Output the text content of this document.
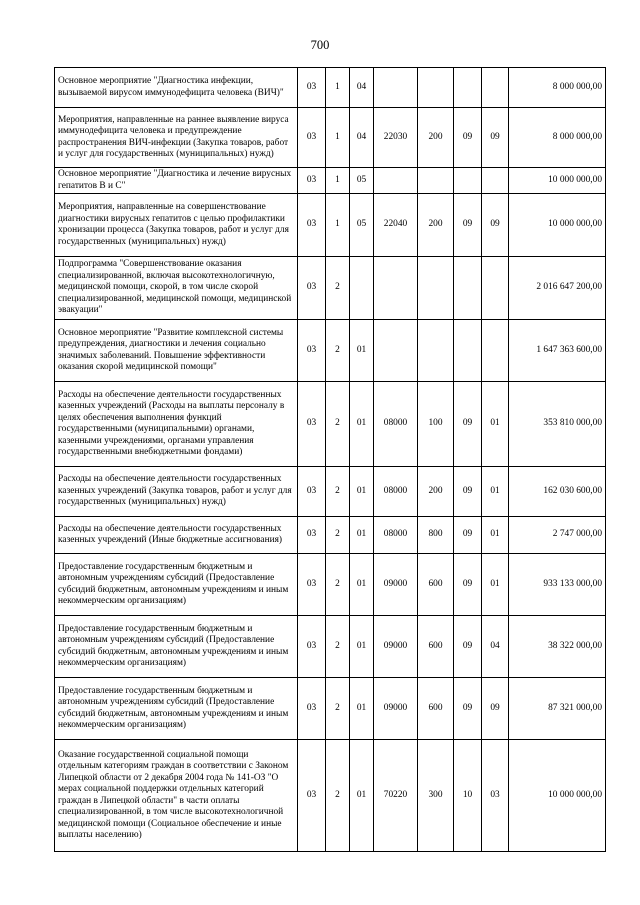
700
Основное мероприятие "Диагностика инфекции, вызываемой вирусом иммунодефицита человека (ВИЧ)"	03	1	04					8 000 000,00
Мероприятия, направленные на раннее выявление вируса иммунодефицита человека и предупреждение распространения ВИЧ-инфекции (Закупка товаров, работ и услуг для государственных (муниципальных) нужд)	03	1	04	22030	200	09	09	8 000 000,00
Основное мероприятие "Диагностика и лечение вирусных гепатитов В и С"	03	1	05					10 000 000,00
Мероприятия, направленные на совершенствование диагностики вирусных гепатитов с целью профилактики хронизации процесса (Закупка товаров, работ и услуг для государственных (муниципальных) нужд)	03	1	05	22040	200	09	09	10 000 000,00
Подпрограмма "Совершенствование оказания специализированной, включая высокотехнологичную, медицинской помощи, скорой, в том числе скорой специализированной, медицинской помощи, медицинской эвакуации"	03	2						2 016 647 200,00
Основное мероприятие "Развитие комплексной системы предупреждения, диагностики и лечения социально значимых заболеваний. Повышение эффективности оказания скорой медицинской помощи"	03	2	01					1 647 363 600,00
Расходы на обеспечение деятельности государственных казенных учреждений (Расходы на выплаты персоналу в целях обеспечения выполнения функций государственными (муниципальными) органами, казенными учреждениями, органами управления государственными внебюджетными фондами)	03	2	01	08000	100	09	01	353 810 000,00
Расходы на обеспечение деятельности государственных казенных учреждений (Закупка товаров, работ и услуг для государственных (муниципальных) нужд)	03	2	01	08000	200	09	01	162 030 600,00
Расходы на обеспечение деятельности государственных казенных учреждений (Иные бюджетные ассигнования)	03	2	01	08000	800	09	01	2 747 000,00
Предоставление государственным бюджетным и автономным учреждениям субсидий (Предоставление субсидий бюджетным, автономным учреждениям и иным некоммерческим организациям)	03	2	01	09000	600	09	01	933 133 000,00
Предоставление государственным бюджетным и автономным учреждениям субсидий (Предоставление субсидий бюджетным, автономным учреждениям и иным некоммерческим организациям)	03	2	01	09000	600	09	04	38 322 000,00
Предоставление государственным бюджетным и автономным учреждениям субсидий (Предоставление субсидий бюджетным, автономным учреждениям и иным некоммерческим организациям)	03	2	01	09000	600	09	09	87 321 000,00
Оказание государственной социальной помощи отдельным категориям граждан в соответствии с Законом Липецкой области от 2 декабря 2004 года № 141-ОЗ "О мерах социальной поддержки отдельных категорий граждан в Липецкой области" в части оплаты специализированной, в том числе высокотехнологичной медицинской помощи (Социальное обеспечение и иные выплаты населению)	03	2	01	70220	300	10	03	10 000 000,00
